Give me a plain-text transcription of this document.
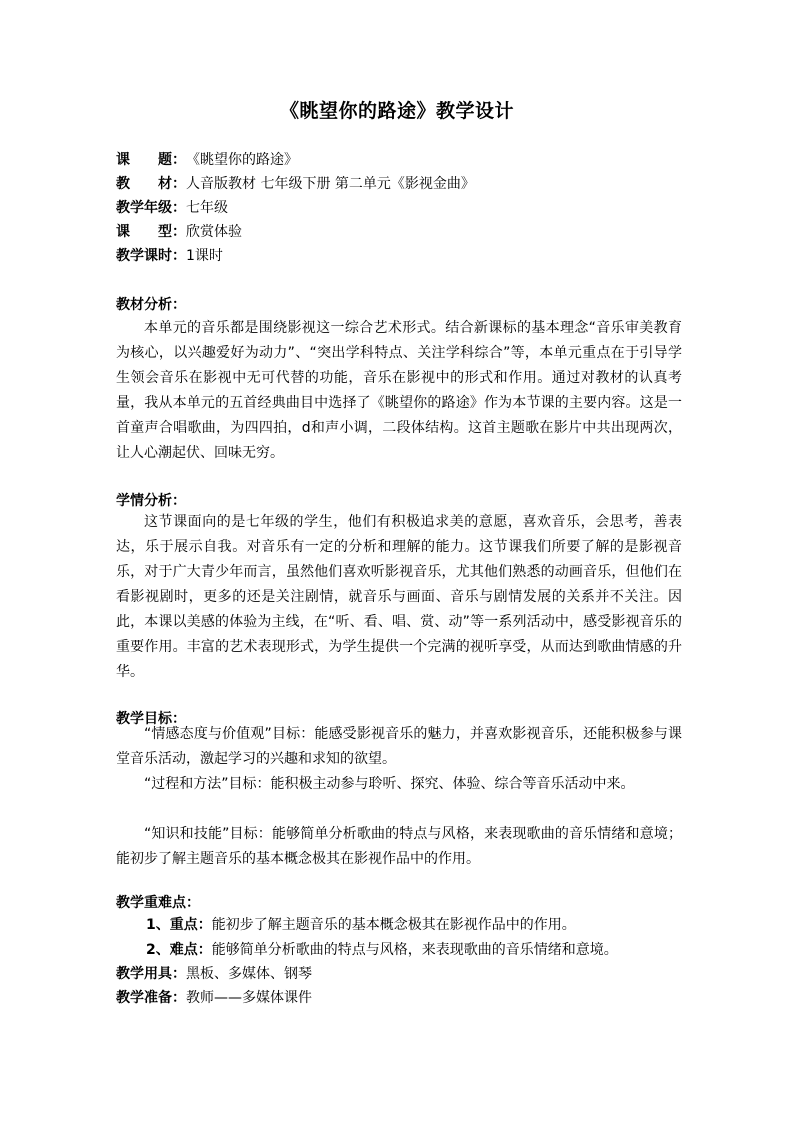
《眺望你的路途》教学设计
课　　题：《眺望你的路途》
教　　材：人音版教材 七年级下册 第二单元《影视金曲》
教学年级：七年级
课　　型：欣赏体验
教学课时：1课时
教材分析：
本单元的音乐都是围绕影视这一综合艺术形式。结合新课标的基本理念“音乐审美教育为核心，以兴趣爱好为动力”、“突出学科特点、关注学科综合”等，本单元重点在于引导学生领会音乐在影视中无可代替的功能，音乐在影视中的形式和作用。通过对教材的认真考量，我从本单元的五首经典曲目中选择了《眺望你的路途》作为本节课的主要内容。这是一首童声合唱歌曲，为四四拍，d和声小调，二段体结构。这首主题歌在影片中共出现两次，让人心潮起伏、回味无穷。
学情分析：
这节课面向的是七年级的学生，他们有积极追求美的意愿，喜欢音乐，会思考，善表达，乐于展示自我。对音乐有一定的分析和理解的能力。这节课我们所要了解的是影视音乐，对于广大青少年而言，虽然他们喜欢听影视音乐，尤其他们熟悉的动画音乐，但他们在看影视剧时，更多的还是关注剧情，就音乐与画面、音乐与剧情发展的关系并不关注。因此，本课以美感的体验为主线，在“听、看、唱、赏、动”等一系列活动中，感受影视音乐的重要作用。丰富的艺术表现形式，为学生提供一个完满的视听享受，从而达到歌曲情感的升华。
教学目标：
“情感态度与价值观”目标：能感受影视音乐的魅力，并喜欢影视音乐，还能积极参与课堂音乐活动，激起学习的兴趣和求知的欲望。
“过程和方法”目标：能积极主动参与聆听、探究、体验、综合等音乐活动中来。
“知识和技能”目标：能够简单分析歌曲的特点与风格，来表现歌曲的音乐情绪和意境；能初步了解主题音乐的基本概念极其在影视作品中的作用。
教学重难点：
1、重点：能初步了解主题音乐的基本概念极其在影视作品中的作用。
2、难点：能够简单分析歌曲的特点与风格，来表现歌曲的音乐情绪和意境。
教学用具：黑板、多媒体、钢琴
教学准备：教师——多媒体课件
